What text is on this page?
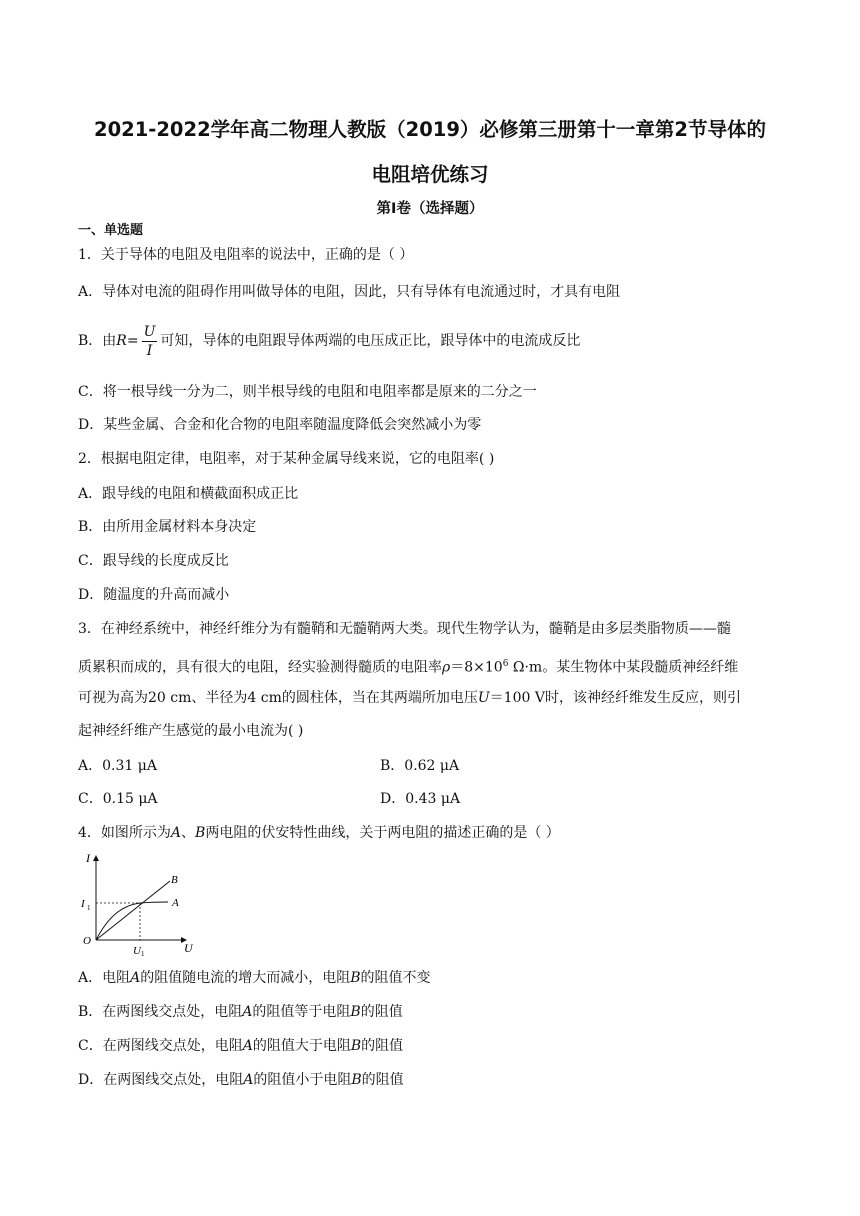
2021-2022学年高二物理人教版（2019）必修第三册第十一章第2节导体的
电阻培优练习
第Ⅰ卷（选择题）
一、单选题
1．关于导体的电阻及电阻率的说法中，正确的是（ ）
A．导体对电流的阻碍作用叫做导体的电阻，因此，只有导体有电流通过时，才具有电阻
B．由$R= \frac{U}{I}$ 可知，导体的电阻跟导体两端的电压成正比，跟导体中的电流成反比
C．将一根导线一分为二，则半根导线的电阻和电阻率都是原来的二分之一
D．某些金属、合金和化合物的电阻率随温度降低会突然减小为零
2．根据电阻定律，电阻率，对于某种金属导线来说，它的电阻率( )
A．跟导线的电阻和横截面积成正比
B．由所用金属材料本身决定
C．跟导线的长度成反比
D．随温度的升高而减小
3．在神经系统中，神经纤维分为有髓鞘和无髓鞘两大类。现代生物学认为，髓鞘是由多层类脂物质——髓
质累积而成的，具有很大的电阻，经实验测得髓质的电阻率$\rho=8\times 10^6$ Ω·m。某生物体中某段髓质神经纤维
可视为高为20 cm、半径为4 cm的圆柱体，当在其两端所加电压U＝100 V时，该神经纤维发生反应，则引
起神经纤维产生感觉的最小电流为( )
A．0.31 μA	B．0.62 μA
C．0.15 μA	D．0.43 μA
4．如图所示为A、B两电阻的伏安特性曲线，关于两电阻的描述正确的是（ ）
I
U
O
I 1
U 1
A
B
A．电阻A的阻值随电流的增大而减小，电阻B的阻值不变
B．在两图线交点处，电阻A的阻值等于电阻B的阻值
C．在两图线交点处，电阻A的阻值大于电阻B的阻值
D．在两图线交点处，电阻A的阻值小于电阻B的阻值
